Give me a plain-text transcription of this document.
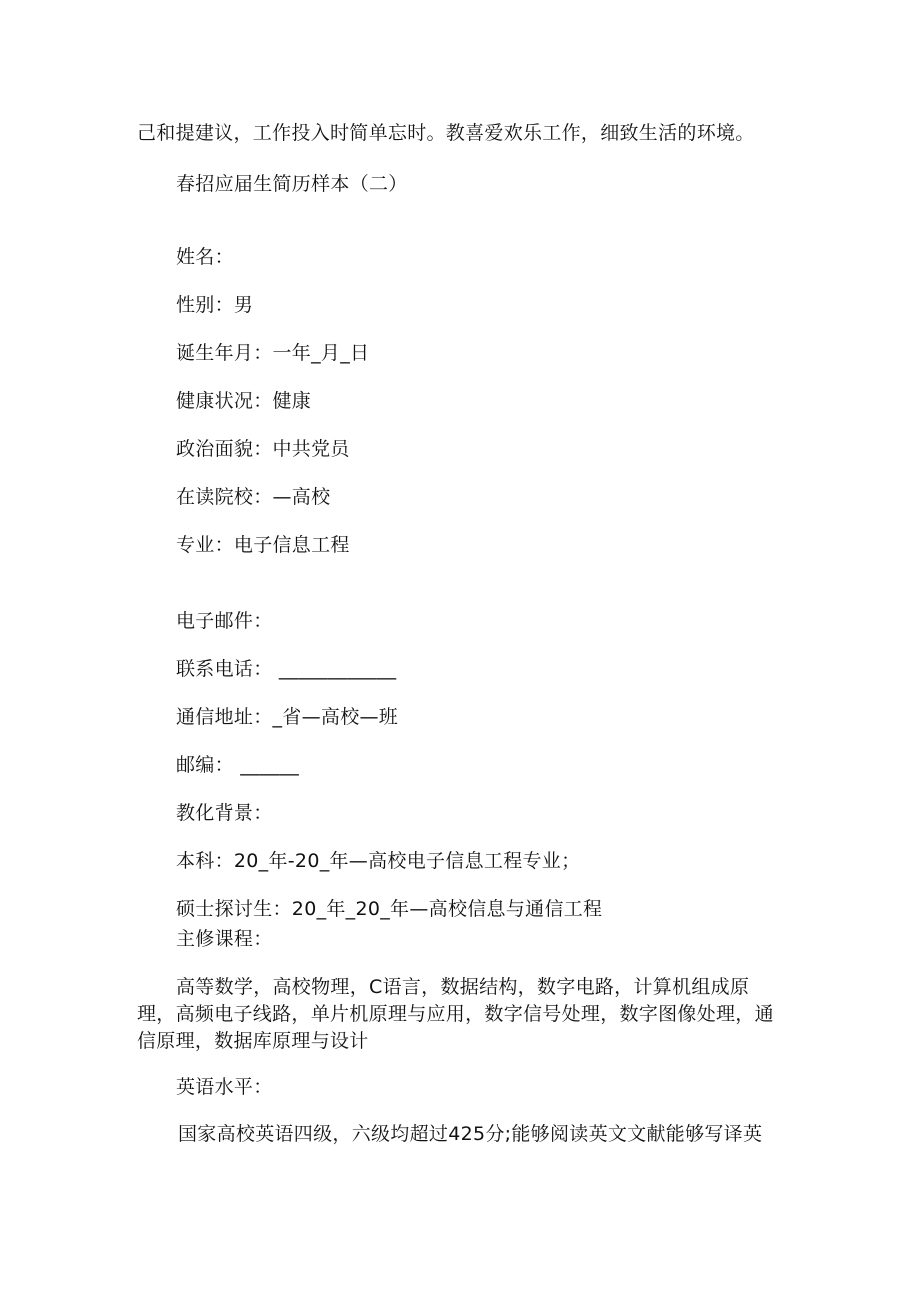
己和提建议，工作投入时简单忘时。教喜爱欢乐工作，细致生活的环境。
春招应届生简历样本（二）
姓名：
性别：男
诞生年月：一年_月_日
健康状况：健康
政治面貌：中共党员
在读院校：—高校
专业：电子信息工程
电子邮件：
联系电话： ____________
通信地址：_省—高校—班
邮编： ______
教化背景：
本科：20_年-20_年—高校电子信息工程专业；
硕士探讨生：20_年_20_年—高校信息与通信工程
主修课程：
高等数学，高校物理，C语言，数据结构，数字电路，计算机组成原理，高频电子线路，单片机原理与应用，数字信号处理，数字图像处理，通信原理，数据库原理与设计
英语水平：
国家高校英语四级，六级均超过425分;能够阅读英文文献能够写译英
